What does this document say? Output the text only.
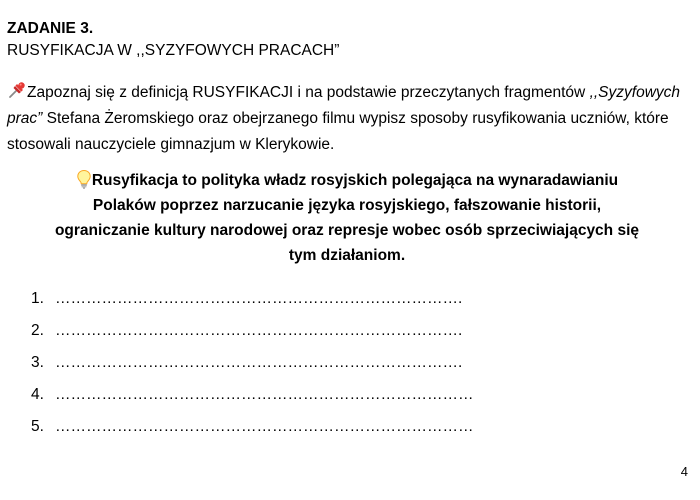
ZADANIE 3.

RUSYFIKACJA W ,,SYZYFOWYCH PRACACH”

Zapoznaj się z definicją RUSYFIKACJI i na podstawie przeczytanych fragmentów ,,Syzyfowych prac” Stefana Żeromskiego oraz obejrzanego filmu wypisz sposoby rusyfikowania uczniów, które stosowali nauczyciele gimnazjum w Klerykowie.
Rusyfikacja to polityka władz rosyjskich polegająca na wynaradawianiu Polaków poprzez narzucanie języka rosyjskiego, fałszowanie historii, ograniczanie kultury narodowej oraz represje wobec osób sprzeciwiających się tym działaniom.
1. …………………………………………………………………….
2. …………………………………………………………………….
3. …………………………………………………………………….
4. ………………………………………………………………………
5. ………………………………………………………………………
4
